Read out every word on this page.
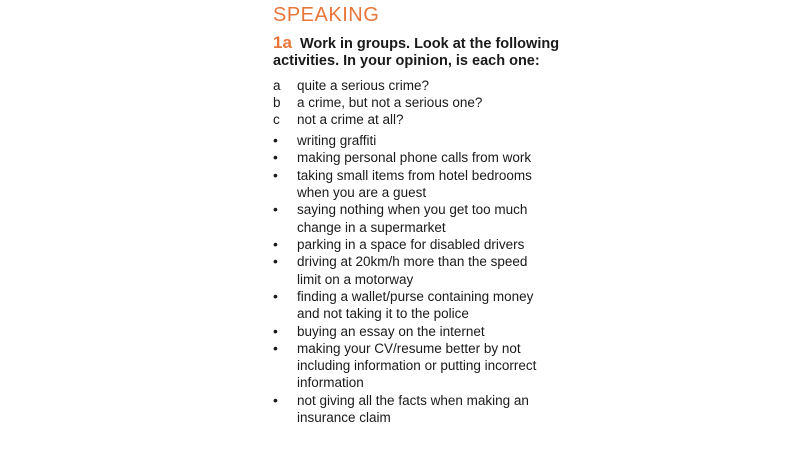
SPEAKING
1a Work in groups. Look at the following activities. In your opinion, is each one:
a	quite a serious crime?
b	a crime, but not a serious one?
c	not a crime at all?
•	writing graffiti
•	making personal phone calls from work
•	taking small items from hotel bedrooms when you are a guest
•	saying nothing when you get too much change in a supermarket
•	parking in a space for disabled drivers
•	driving at 20km/h more than the speed limit on a motorway
•	finding a wallet/purse containing money and not taking it to the police
•	buying an essay on the internet
•	making your CV/resume better by not including information or putting incorrect information
•	not giving all the facts when making an insurance claim
